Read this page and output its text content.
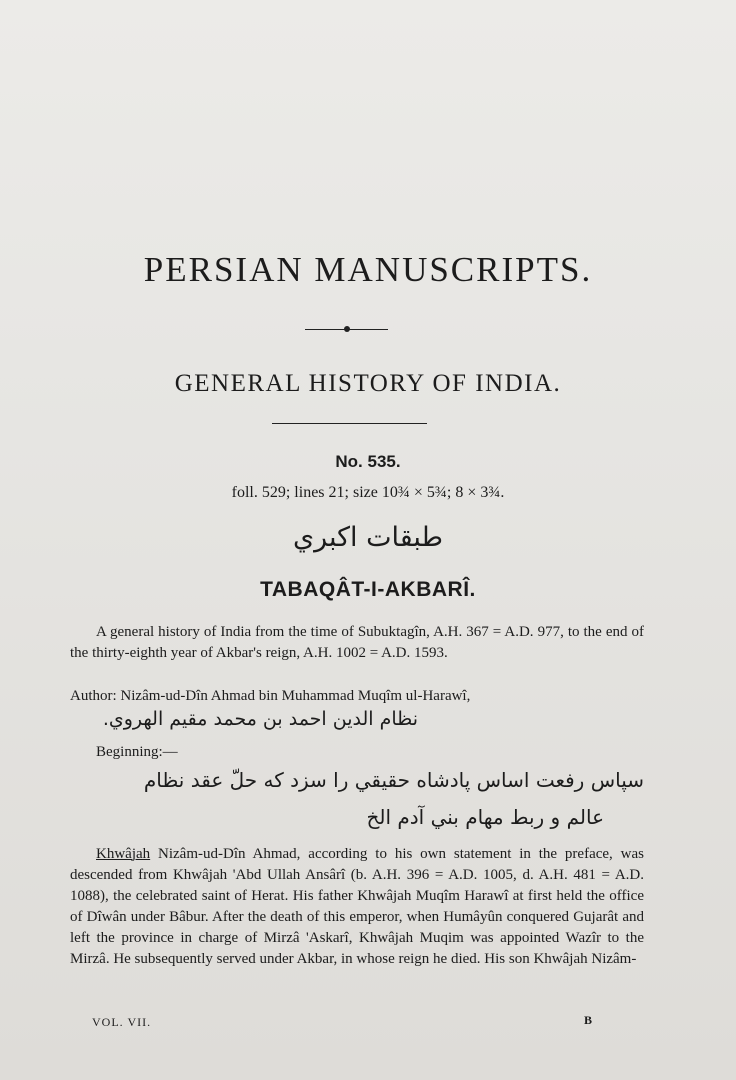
PERSIAN MANUSCRIPTS.
GENERAL HISTORY OF INDIA.
No. 535.
foll. 529; lines 21; size 10¾ × 5¾; 8 × 3¾.
طبقات اكبري
TABAQÂT-I-AKBARÎ.
A general history of India from the time of Subuktagîn, A.H. 367 = A.D. 977, to the end of the thirty-eighth year of Akbar's reign, A.H. 1002 = A.D. 1593.
Author: Nizâm-ud-Dîn Ahmad bin Muhammad Muqîm ul-Harawî,
نظام الدين احمد بن محمد مقيم الهروي.
Beginning:—
سپاس رفعت اساس پادشاه حقيقي را سزد كه حلّ عقد نظام
عالم و ربط مهام بني آدم الخ
Khwâjah Nizâm-ud-Dîn Ahmad, according to his own statement in the preface, was descended from Khwâjah 'Abd Ullah Ansârî (b. A.H. 396 = A.D. 1005, d. A.H. 481 = A.D. 1088), the celebrated saint of Herat. His father Khwâjah Muqîm Harawî at first held the office of Dîwân under Bâbur. After the death of this emperor, when Humâyûn conquered Gujarât and left the province in charge of Mirzâ 'Askarî, Khwâjah Muqim was appointed Wazîr to the Mirzâ. He subsequently served under Akbar, in whose reign he died. His son Khwâjah Nizâm-
VOL. VII.	B
